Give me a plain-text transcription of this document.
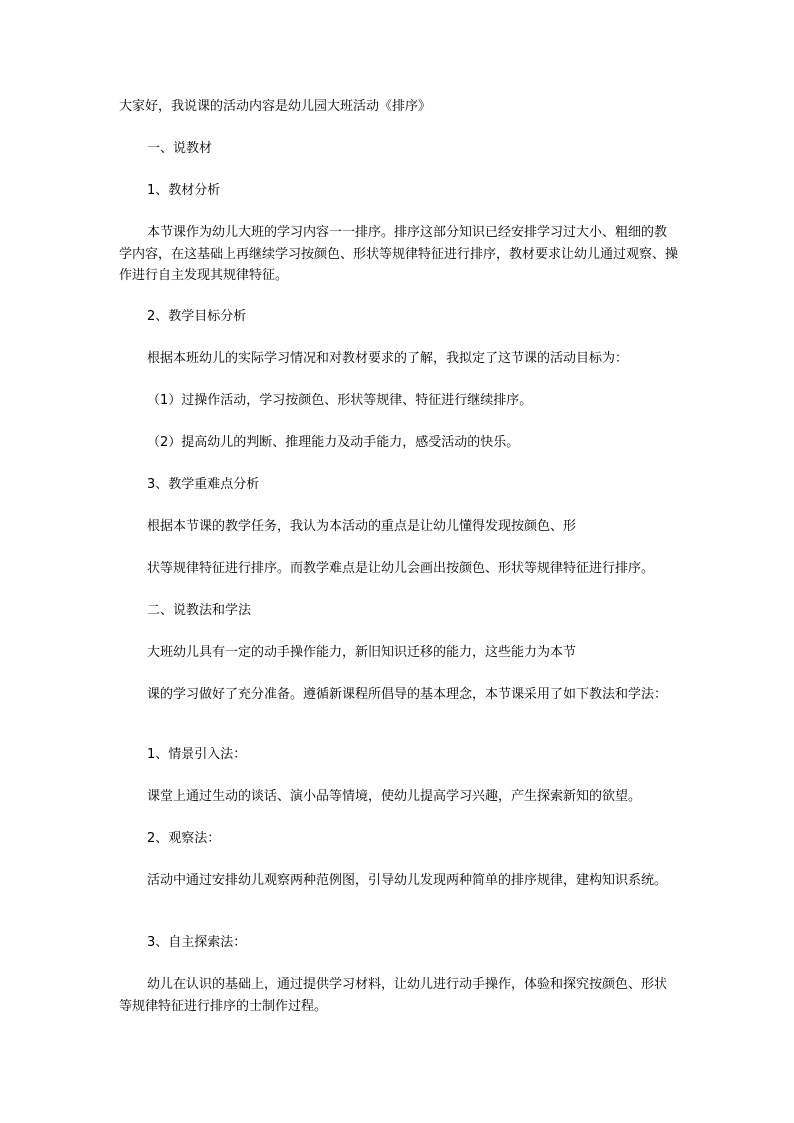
大家好，我说课的活动内容是幼儿园大班活动《排序》

一、说教材

1、教材分析

本节课作为幼儿大班的学习内容一一排序。排序这部分知识已经安排学习过大小、粗细的教学内容，在这基础上再继续学习按颜色、形状等规律特征进行排序，教材要求让幼儿通过观察、操作进行自主发现其规律特征。

2、教学目标分析

根据本班幼儿的实际学习情况和对教材要求的了解，我拟定了这节课的活动目标为：

（1）过操作活动，学习按颜色、形状等规律、特征进行继续排序。

（2）提高幼儿的判断、推理能力及动手能力，感受活动的快乐。

3、教学重难点分析

根据本节课的教学任务，我认为本活动的重点是让幼儿懂得发现按颜色、形

状等规律特征进行排序。而教学难点是让幼儿会画出按颜色、形状等规律特征进行排序。

二、说教法和学法

大班幼儿具有一定的动手操作能力，新旧知识迁移的能力，这些能力为本节

课的学习做好了充分准备。遵循新课程所倡导的基本理念，本节课采用了如下教法和学法：

1、情景引入法：

课堂上通过生动的谈话、演小品等情境，使幼儿提高学习兴趣，产生探索新知的欲望。

2、观察法：

活动中通过安排幼儿观察两种范例图，引导幼儿发现两种简单的排序规律，建构知识系统。

3、自主探索法：

幼儿在认识的基础上，通过提供学习材料，让幼儿进行动手操作，体验和探究按颜色、形状等规律特征进行排序的士制作过程。
